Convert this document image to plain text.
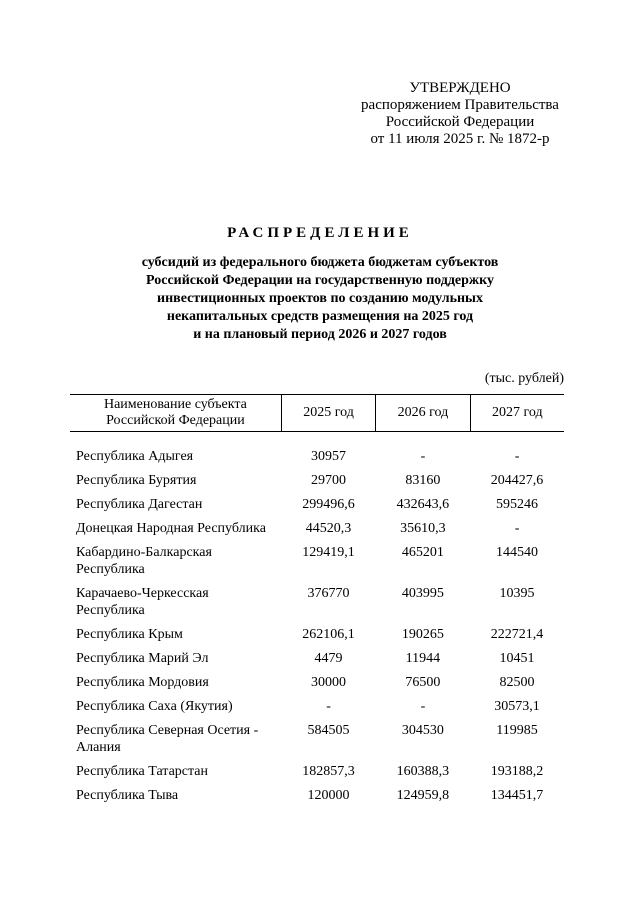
УТВЕРЖДЕНО
распоряжением Правительства
Российской Федерации
от 11 июля 2025 г. № 1872-р
РАСПРЕДЕЛЕНИЕ
субсидий из федерального бюджета бюджетам субъектов
Российской Федерации на государственную поддержку
инвестиционных проектов по созданию модульных
некапитальных средств размещения на 2025 год
и на плановый период 2026 и 2027 годов
(тыс. рублей)
Наименование субъекта Российской Федерации	2025 год	2026 год	2027 год

Республика Адыгея	30957	-	-
Республика Бурятия	29700	83160	204427,6
Республика Дагестан	299496,6	432643,6	595246
Донецкая Народная Республика	44520,3	35610,3	-
Кабардино-Балкарская Республика	129419,1	465201	144540
Карачаево-Черкесская Республика	376770	403995	10395
Республика Крым	262106,1	190265	222721,4
Республика Марий Эл	4479	11944	10451
Республика Мордовия	30000	76500	82500
Республика Саха (Якутия)	-	-	30573,1
Республика Северная Осетия - Алания	584505	304530	119985
Республика Татарстан	182857,3	160388,3	193188,2
Республика Тыва	120000	124959,8	134451,7
